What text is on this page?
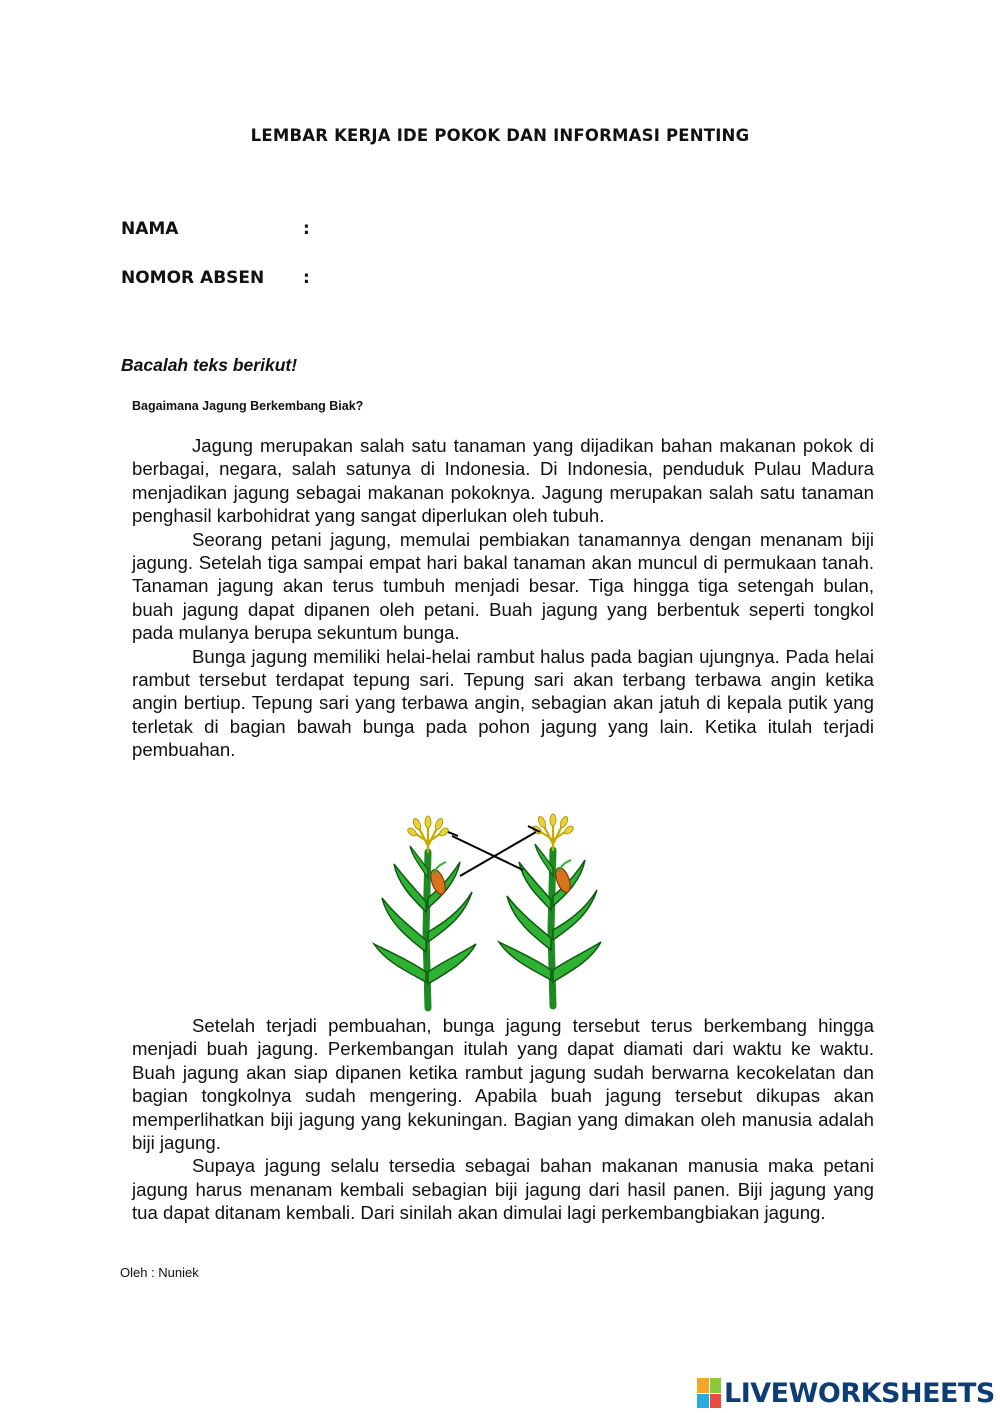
LEMBAR KERJA IDE POKOK DAN INFORMASI PENTING
NAMA	:
NOMOR ABSEN :
Bacalah teks berikut!
Bagaimana Jagung Berkembang Biak?

Jagung merupakan salah satu tanaman yang dijadikan bahan makanan pokok di berbagai, negara, salah satunya di Indonesia. Di Indonesia, penduduk Pulau Madura menjadikan jagung sebagai makanan pokoknya. Jagung merupakan salah satu tanaman penghasil karbohidrat yang sangat diperlukan oleh tubuh.

Seorang petani jagung, memulai pembiakan tanamannya dengan menanam biji jagung. Setelah tiga sampai empat hari bakal tanaman akan muncul di permukaan tanah. Tanaman jagung akan terus tumbuh menjadi besar. Tiga hingga tiga setengah bulan, buah jagung dapat dipanen oleh petani. Buah jagung yang berbentuk seperti tongkol pada mulanya berupa sekuntum bunga.

Bunga jagung memiliki helai-helai rambut halus pada bagian ujungnya. Pada helai rambut tersebut terdapat tepung sari. Tepung sari akan terbang terbawa angin ketika angin bertiup. Tepung sari yang terbawa angin, sebagian akan jatuh di kepala putik yang terletak di bagian bawah bunga pada pohon jagung yang lain. Ketika itulah terjadi pembuahan.

Setelah terjadi pembuahan, bunga jagung tersebut terus berkembang hingga menjadi buah jagung. Perkembangan itulah yang dapat diamati dari waktu ke waktu. Buah jagung akan siap dipanen ketika rambut jagung sudah berwarna kecokelatan dan bagian tongkolnya sudah mengering. Apabila buah jagung tersebut dikupas akan memperlihatkan biji jagung yang kekuningan. Bagian yang dimakan oleh manusia adalah biji jagung.

Supaya jagung selalu tersedia sebagai bahan makanan manusia maka petani jagung harus menanam kembali sebagian biji jagung dari hasil panen. Biji jagung yang tua dapat ditanam kembali. Dari sinilah akan dimulai lagi perkembangbiakan jagung.

Oleh : Nuniek
LIVEWORKSHEETS
